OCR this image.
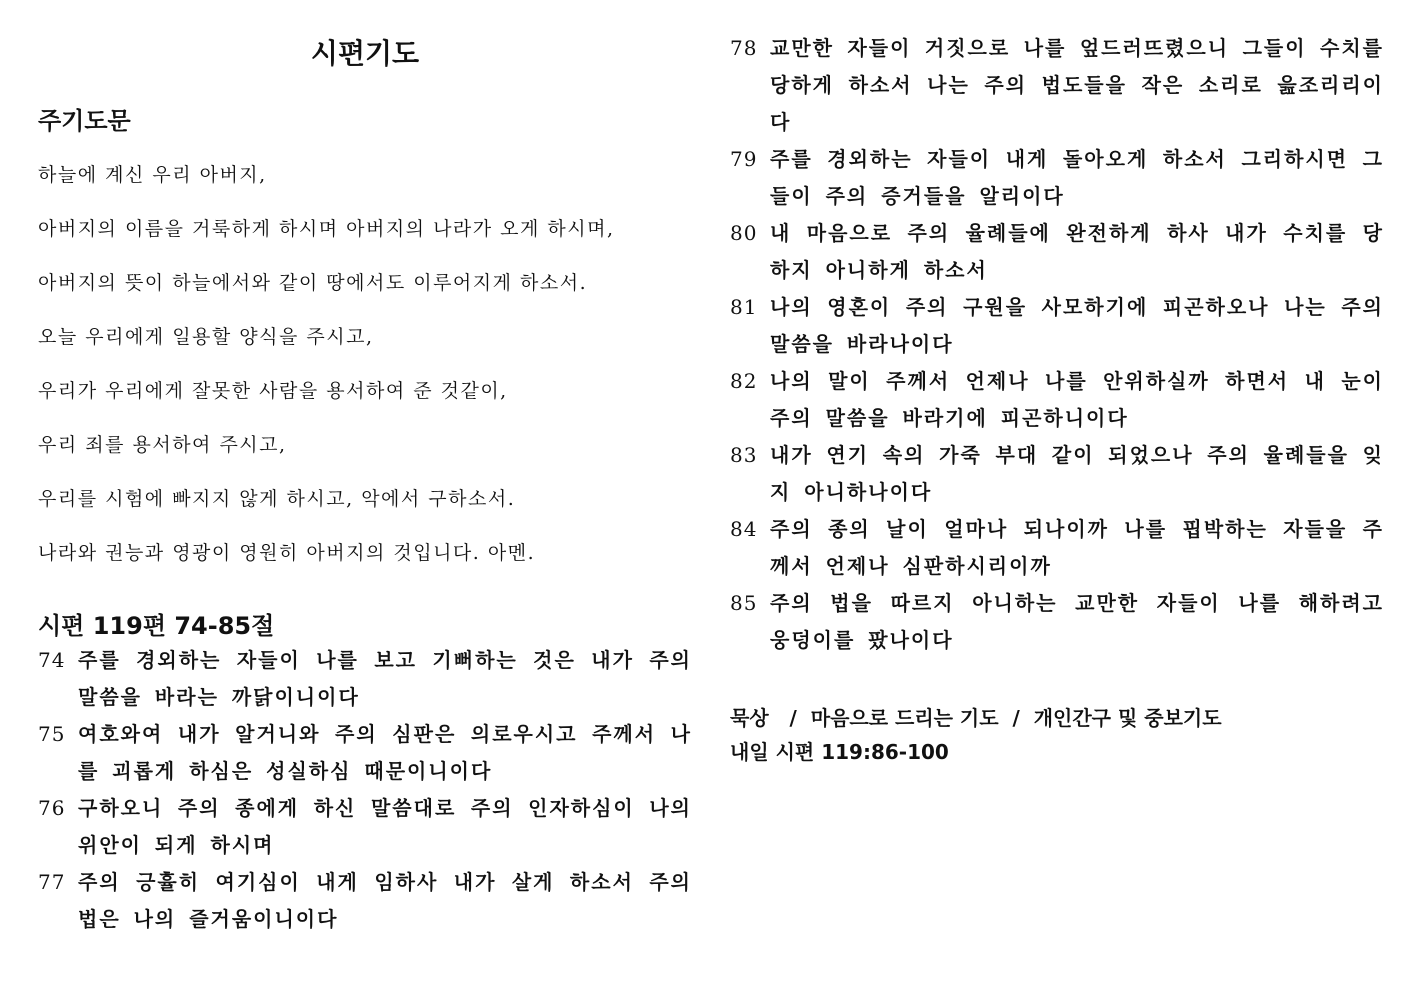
시편기도
주기도문

하늘에 계신 우리 아버지,

아버지의 이름을 거룩하게 하시며 아버지의 나라가 오게 하시며,

아버지의 뜻이 하늘에서와 같이 땅에서도 이루어지게 하소서.

오늘 우리에게 일용할 양식을 주시고,

우리가 우리에게 잘못한 사람을 용서하여 준 것같이,

우리 죄를 용서하여 주시고,

우리를 시험에 빠지지 않게 하시고, 악에서 구하소서.

나라와 권능과 영광이 영원히 아버지의 것입니다. 아멘.

시편 119편 74-85절
74 주를 경외하는 자들이 나를 보고 기뻐하는 것은 내가 주의 말씀을 바라는 까닭이니이다
75 여호와여 내가 알거니와 주의 심판은 의로우시고 주께서 나를 괴롭게 하심은 성실하심 때문이니이다
76 구하오니 주의 종에게 하신 말씀대로 주의 인자하심이 나의 위안이 되게 하시며
77 주의 긍휼히 여기심이 내게 임하사 내가 살게 하소서 주의 법은 나의 즐거움이니이다
78 교만한 자들이 거짓으로 나를 엎드러뜨렸으니 그들이 수치를 당하게 하소서 나는 주의 법도들을 작은 소리로 읊조리리이다
79 주를 경외하는 자들이 내게 돌아오게 하소서 그리하시면 그들이 주의 증거들을 알리이다
80 내 마음으로 주의 율례들에 완전하게 하사 내가 수치를 당하지 아니하게 하소서
81 나의 영혼이 주의 구원을 사모하기에 피곤하오나 나는 주의 말씀을 바라나이다
82 나의 말이 주께서 언제나 나를 안위하실까 하면서 내 눈이 주의 말씀을 바라기에 피곤하니이다
83 내가 연기 속의 가죽 부대 같이 되었으나 주의 율례들을 잊지 아니하나이다
84 주의 종의 날이 얼마나 되나이까 나를 핍박하는 자들을 주께서 언제나 심판하시리이까
85 주의 법을 따르지 아니하는 교만한 자들이 나를 해하려고 웅덩이를 팠나이다

묵상   /  마음으로 드리는 기도  /  개인간구 및 중보기도

내일 시편 119:86-100
